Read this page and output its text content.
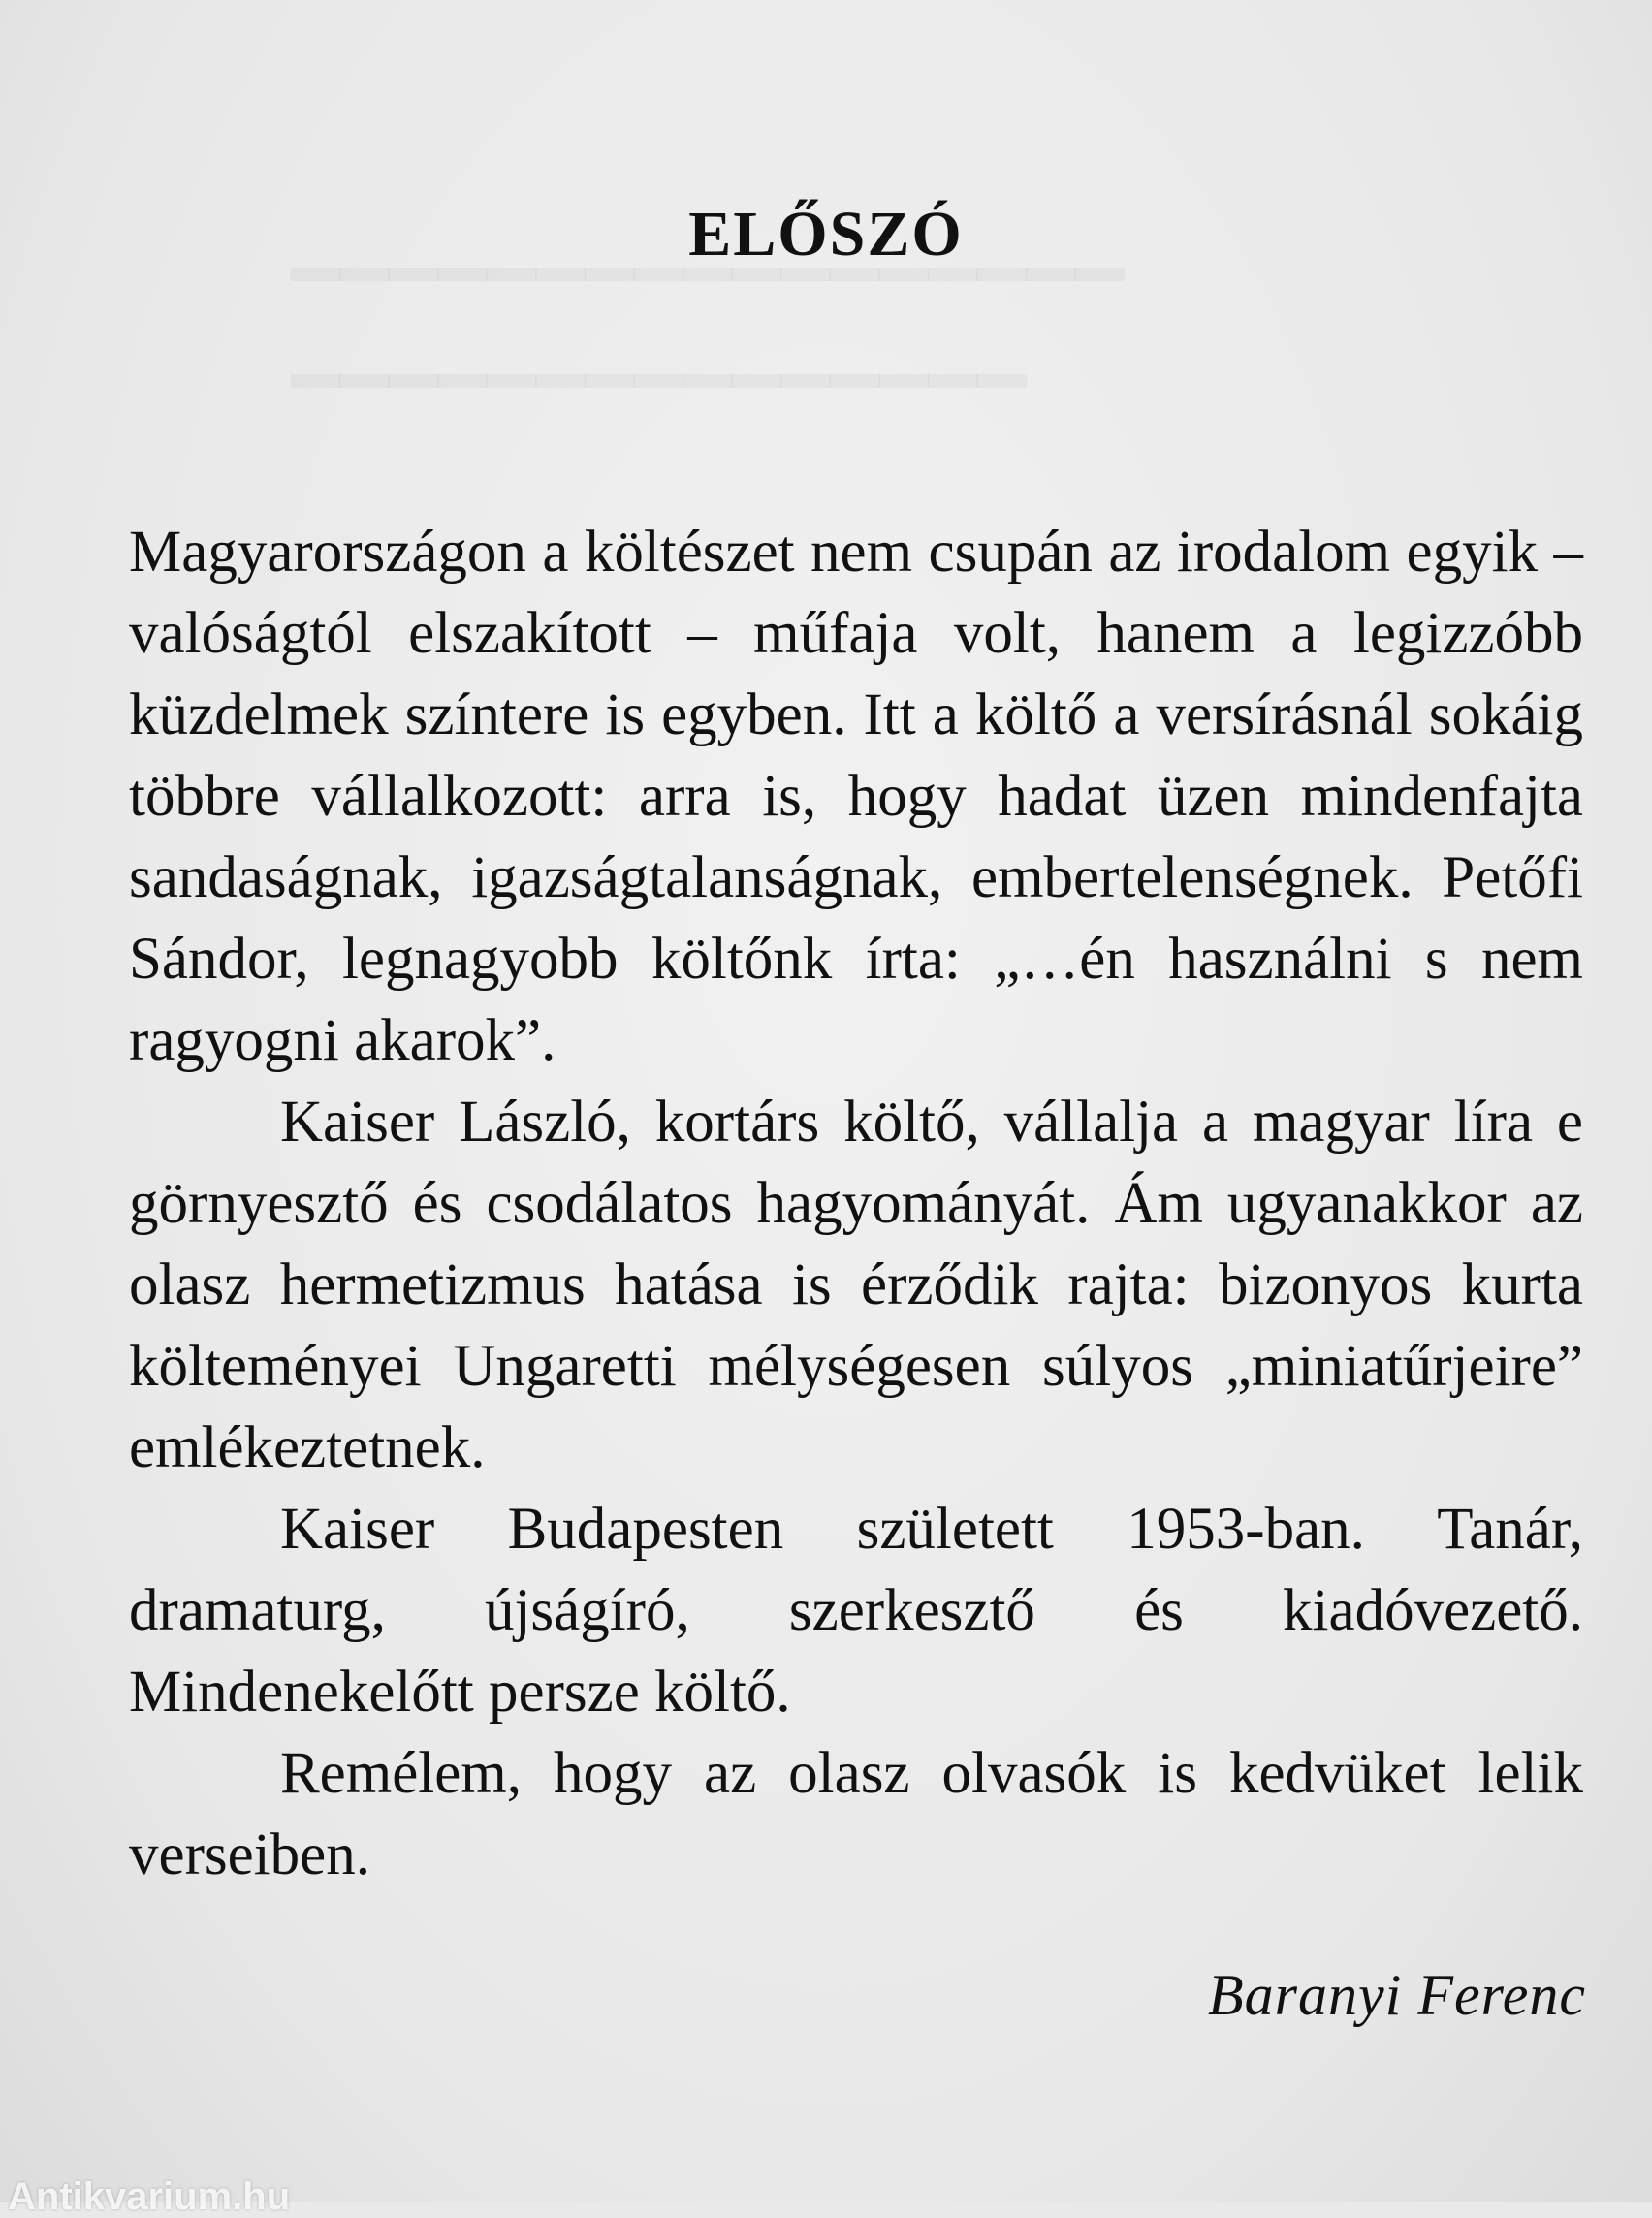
ELŐSZÓ

Magyarországon a költészet nem csupán az irodalom egyik – valóságtól elszakított – műfaja volt, hanem a legizzóbb küzdelmek színtere is egyben. Itt a költő a versírásnál sokáig többre vállalkozott: arra is, hogy hadat üzen mindenfajta sandaságnak, igazságtalanságnak, embertelenségnek. Petőfi Sándor, legnagyobb költőnk írta: „…én használni s nem ragyogni akarok”.

Kaiser László, kortárs költő, vállalja a magyar líra e görnyesztő és csodálatos hagyományát. Ám ugyanakkor az olasz hermetizmus hatása is érződik rajta: bizonyos kurta költeményei Ungaretti mélységesen súlyos „miniatűrjeire” emlékeztetnek.

Kaiser Budapesten született 1953-ban. Tanár, dramaturg, újságíró, szerkesztő és kiadóvezető. Mindenekelőtt persze költő.

Remélem, hogy az olasz olvasók is kedvüket lelik verseiben.

Baranyi Ferenc
Antikvarium.hu
